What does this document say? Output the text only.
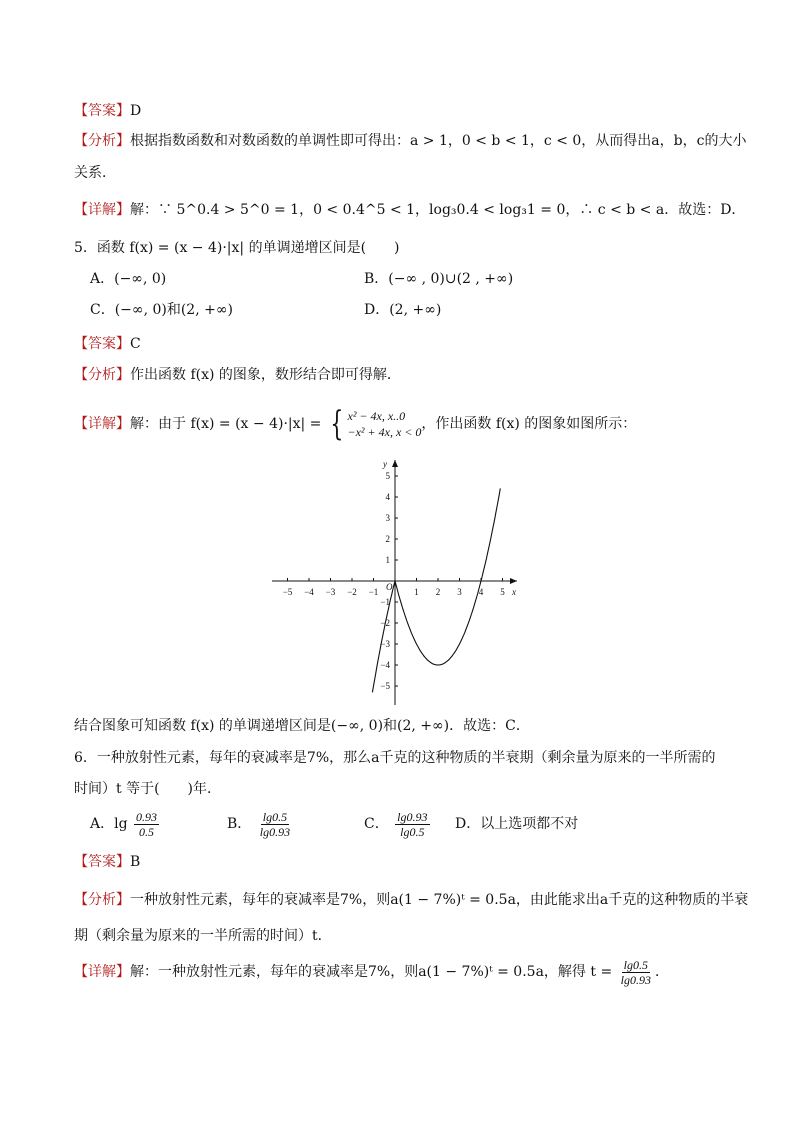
【答案】D
【分析】根据指数函数和对数函数的单调性即可得出：a > 1，0 < b < 1，c < 0，从而得出a，b，c的大小
关系．
【详解】解：∵ 5^0.4 > 5^0 = 1，0 < 0.4^5 < 1，log₃0.4 < log₃1 = 0，∴ c < b < a．故选：D．
5．函数 f(x) = (x − 4)·|x| 的单调递增区间是(　　)
A．(−∞, 0)	B．(−∞ , 0)∪(2 , +∞)
C．(−∞, 0)和(2, +∞)	D．(2, +∞)
【答案】C
【分析】作出函数 f(x) 的图象，数形结合即可得解．
【详解】解：由于 f(x) = (x − 4)·|x| = { x² − 4x, x..0
−x² + 4x, x < 0 ，作出函数 f(x) 的图象如图所示：
x
y
−5 −4 −3 −2 −1	1 2 3 4 5
5
4
3
2
1
−1
−2
−3
−4
−5
O
结合图象可知函数 f(x) 的单调递增区间是(−∞, 0)和(2, +∞)．故选：C．
6．一种放射性元素，每年的衰减率是7%，那么a千克的这种物质的半衰期（剩余量为原来的一半所需的
时间）t 等于(　　)年．
A．$\lg \frac{0.93}{0.5}$	B． $\frac{\lg 0.5}{\lg 0.93}$	C． $\frac{\lg 0.93}{\lg 0.5}$ D．以上选项都不对
【答案】B
【分析】一种放射性元素，每年的衰减率是7%，则a(1 − 7%)ᵗ = 0.5a，由此能求出a千克的这种物质的半衰
期（剩余量为原来的一半所需的时间）t．
【详解】解：一种放射性元素，每年的衰减率是7%，则a(1 − 7%)ᵗ = 0.5a，解得 $t = \frac{\lg 0.5}{\lg 0.93}$ ．
